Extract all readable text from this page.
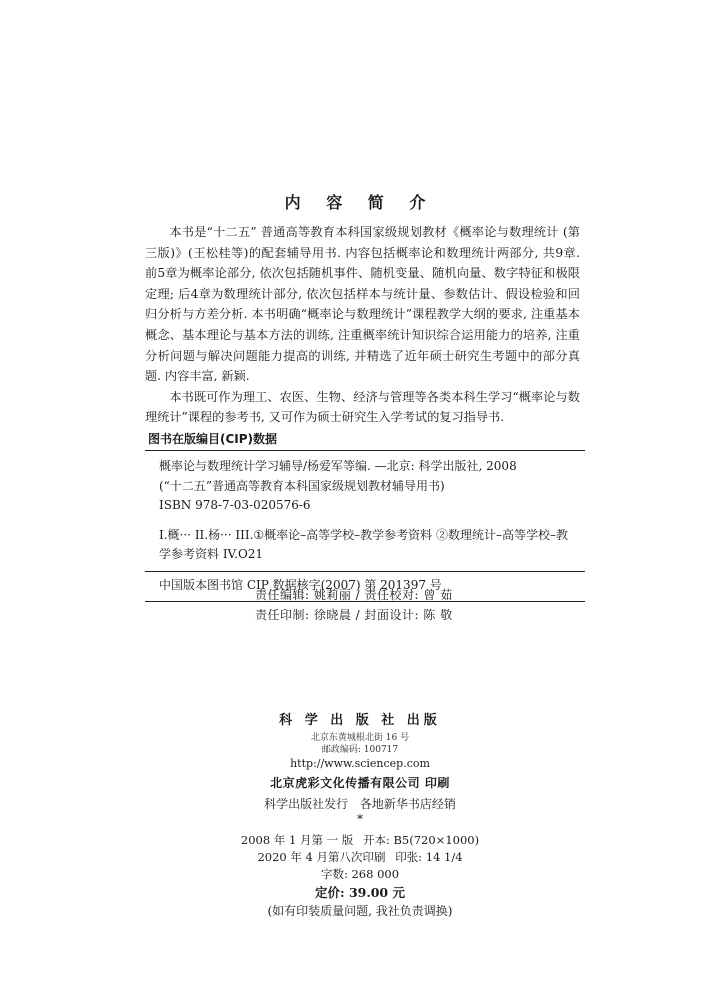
内 容 简 介

本书是“十二五” 普通高等教育本科国家级规划教材《概率论与数理统计 (第三版)》(王松桂等)的配套辅导用书. 内容包括概率论和数理统计两部分, 共9章. 前5章为概率论部分, 依次包括随机事件、随机变量、随机向量、数字特征和极限定理; 后4章为数理统计部分, 依次包括样本与统计量、参数估计、假设检验和回归分析与方差分析. 本书明确“概率论与数理统计”课程教学大纲的要求, 注重基本概念、基本理论与基本方法的训练, 注重概率统计知识综合运用能力的培养, 注重分析问题与解决问题能力提高的训练, 并精选了近年硕士研究生考题中的部分真题. 内容丰富, 新颖.

本书既可作为理工、农医、生物、经济与管理等各类本科生学习“概率论与数理统计”课程的参考书, 又可作为硕士研究生入学考试的复习指导书.

图书在版编目(CIP)数据
概率论与数理统计学习辅导/杨爱军等编. —北京: 科学出版社, 2008
(“十二五”普通高等教育本科国家级规划教材辅导用书)
ISBN 978-7-03-020576-6
I.概··· II.杨··· III.①概率论–高等学校–教学参考资料 ②数理统计–高等学校–教学参考资料 IV.O21
中国版本图书馆 CIP 数据核字(2007) 第 201397 号
责任编辑: 姚莉丽 / 责任校对: 曾 茹
责任印制: 徐晓晨 / 封面设计: 陈 敬
科 学 出 版 社 出版
北京东黄城根北街 16 号
邮政编码: 100717
http://www.sciencep.com
北京虎彩文化传播有限公司 印刷
科学出版社发行 各地新华书店经销
*
2008 年 1 月第 一 版 开本: B5(720×1000)
2020 年 4 月第八次印刷 印张: 14 1/4
字数: 268 000
定价: 39.00 元
(如有印装质量问题, 我社负责调换)
